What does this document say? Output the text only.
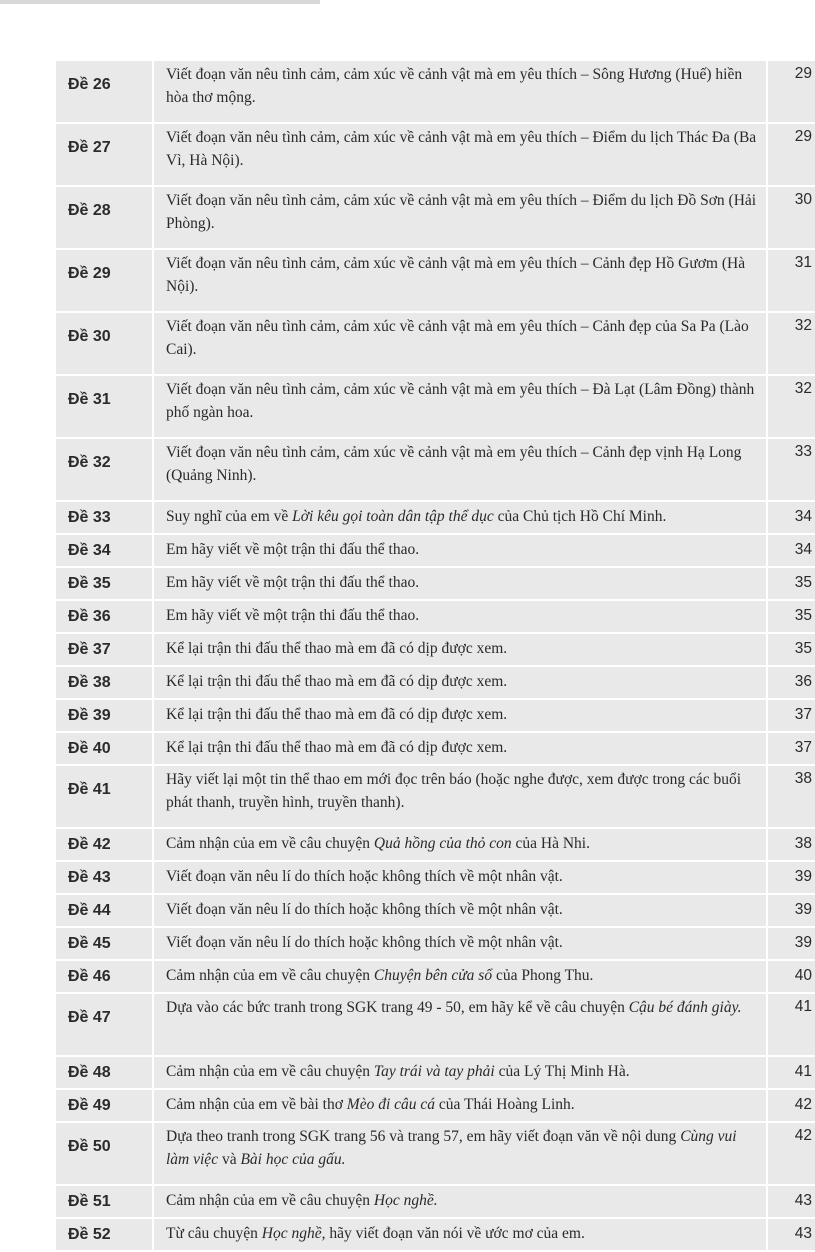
Đề 26		Viết đoạn văn nêu tình cảm, cảm xúc về cảnh vật mà em yêu thích – Sông Hương (Huế) hiền hòa thơ mộng.		29
Đề 27		Viết đoạn văn nêu tình cảm, cảm xúc về cảnh vật mà em yêu thích – Điểm du lịch Thác Đa (Ba Vì, Hà Nội).		29
Đề 28		Viết đoạn văn nêu tình cảm, cảm xúc về cảnh vật mà em yêu thích – Điểm du lịch Đồ Sơn (Hải Phòng).		30
Đề 29		Viết đoạn văn nêu tình cảm, cảm xúc về cảnh vật mà em yêu thích – Cảnh đẹp Hồ Gươm (Hà Nội).		31
Đề 30		Viết đoạn văn nêu tình cảm, cảm xúc về cảnh vật mà em yêu thích – Cảnh đẹp của Sa Pa (Lào Cai).		32
Đề 31		Viết đoạn văn nêu tình cảm, cảm xúc về cảnh vật mà em yêu thích – Đà Lạt (Lâm Đồng) thành phố ngàn hoa.		32
Đề 32		Viết đoạn văn nêu tình cảm, cảm xúc về cảnh vật mà em yêu thích – Cảnh đẹp vịnh Hạ Long (Quảng Ninh).		33
Đề 33		Suy nghĩ của em về Lời kêu gọi toàn dân tập thể dục của Chủ tịch Hồ Chí Minh.		34
Đề 34		Em hãy viết về một trận thi đấu thể thao.		34
Đề 35		Em hãy viết về một trận thi đấu thể thao.		35
Đề 36		Em hãy viết về một trận thi đấu thể thao.		35
Đề 37		Kể lại trận thi đấu thể thao mà em đã có dịp được xem.		35
Đề 38		Kể lại trận thi đấu thể thao mà em đã có dịp được xem.		36
Đề 39		Kể lại trận thi đấu thể thao mà em đã có dịp được xem.		37
Đề 40		Kể lại trận thi đấu thể thao mà em đã có dịp được xem.		37
Đề 41		Hãy viết lại một tin thể thao em mới đọc trên báo (hoặc nghe được, xem được trong các buổi phát thanh, truyền hình, truyền thanh).		38
Đề 42		Cảm nhận của em về câu chuyện Quả hồng của thỏ con của Hà Nhi.		38
Đề 43		Viết đoạn văn nêu lí do thích hoặc không thích về một nhân vật.		39
Đề 44		Viết đoạn văn nêu lí do thích hoặc không thích về một nhân vật.		39
Đề 45		Viết đoạn văn nêu lí do thích hoặc không thích về một nhân vật.		39
Đề 46		Cảm nhận của em về câu chuyện Chuyện bên cửa sổ của Phong Thu.		40
Đề 47		Dựa vào các bức tranh trong SGK trang 49 - 50, em hãy kể về câu chuyện Cậu bé đánh giày.		41
Đề 48		Cảm nhận của em về câu chuyện Tay trái và tay phải của Lý Thị Minh Hà.		41
Đề 49		Cảm nhận của em về bài thơ Mèo đi câu cá của Thái Hoàng Linh.		42
Đề 50		Dựa theo tranh trong SGK trang 56 và trang 57, em hãy viết đoạn văn về nội dung Cùng vui làm việc và Bài học của gấu.		42
Đề 51		Cảm nhận của em về câu chuyện Học nghề.		43
Đề 52		Từ câu chuyện Học nghề, hãy viết đoạn văn nói về ước mơ của em.		43
